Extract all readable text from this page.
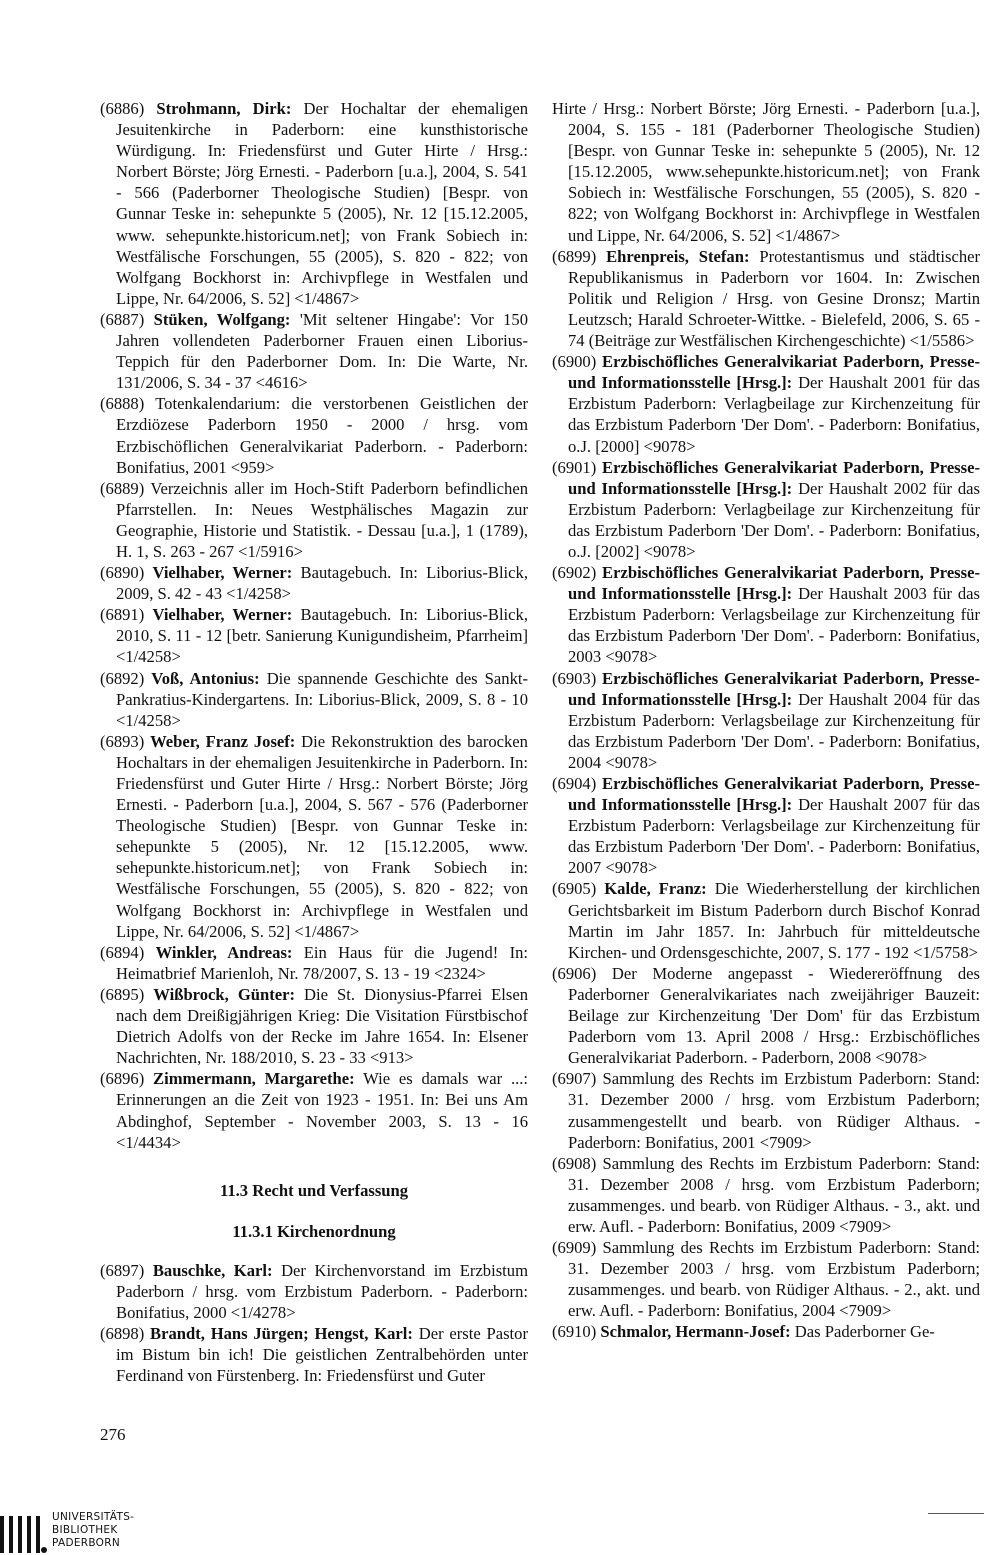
(6886) Strohmann, Dirk: Der Hochaltar der ehemaligen Jesuitenkirche in Paderborn: eine kunsthistorische Würdigung. In: Friedensfürst und Guter Hirte / Hrsg.: Norbert Börste; Jörg Ernesti. - Paderborn [u.a.], 2004, S. 541 - 566 (Paderborner Theologische Studien) [Bespr. von Gunnar Teske in: sehepunkte 5 (2005), Nr. 12 [15.12.2005, www. sehepunkte.historicum.net]; von Frank Sobiech in: Westfälische Forschungen, 55 (2005), S. 820 - 822; von Wolfgang Bockhorst in: Archivpflege in Westfalen und Lippe, Nr. 64/2006, S. 52] <1/4867>

(6887) Stüken, Wolfgang: 'Mit seltener Hingabe': Vor 150 Jahren vollendeten Paderborner Frauen einen Liborius-Teppich für den Paderborner Dom. In: Die Warte, Nr. 131/2006, S. 34 - 37 <4616>

(6888) Totenkalendarium: die verstorbenen Geistlichen der Erzdiözese Paderborn 1950 - 2000 / hrsg. vom Erzbischöflichen Generalvikariat Paderborn. - Paderborn: Bonifatius, 2001 <959>

(6889) Verzeichnis aller im Hoch-Stift Paderborn befindlichen Pfarrstellen. In: Neues Westphälisches Magazin zur Geographie, Historie und Statistik. - Dessau [u.a.], 1 (1789), H. 1, S. 263 - 267 <1/5916>

(6890) Vielhaber, Werner: Bautagebuch. In: Liborius-Blick, 2009, S. 42 - 43 <1/4258>

(6891) Vielhaber, Werner: Bautagebuch. In: Liborius-Blick, 2010, S. 11 - 12 [betr. Sanierung Kunigundisheim, Pfarrheim] <1/4258>

(6892) Voß, Antonius: Die spannende Geschichte des Sankt-Pankratius-Kindergartens. In: Liborius-Blick, 2009, S. 8 - 10 <1/4258>

(6893) Weber, Franz Josef: Die Rekonstruktion des barocken Hochaltars in der ehemaligen Jesuitenkirche in Paderborn. In: Friedensfürst und Guter Hirte / Hrsg.: Norbert Börste; Jörg Ernesti. - Paderborn [u.a.], 2004, S. 567 - 576 (Paderborner Theologische Studien) [Bespr. von Gunnar Teske in: sehepunkte 5 (2005), Nr. 12 [15.12.2005, www. sehepunkte.historicum.net]; von Frank Sobiech in: Westfälische Forschungen, 55 (2005), S. 820 - 822; von Wolfgang Bockhorst in: Archivpflege in Westfalen und Lippe, Nr. 64/2006, S. 52] <1/4867>

(6894) Winkler, Andreas: Ein Haus für die Jugend! In: Heimatbrief Marienloh, Nr. 78/2007, S. 13 - 19 <2324>

(6895) Wißbrock, Günter: Die St. Dionysius-Pfarrei Elsen nach dem Dreißigjährigen Krieg: Die Visitation Fürstbischof Dietrich Adolfs von der Recke im Jahre 1654. In: Elsener Nachrichten, Nr. 188/2010, S. 23 - 33 <913>

(6896) Zimmermann, Margarethe: Wie es damals war ...: Erinnerungen an die Zeit von 1923 - 1951. In: Bei uns Am Abdinghof, September - November 2003, S. 13 - 16 <1/4434>

11.3 Recht und Verfassung

11.3.1 Kirchenordnung

(6897) Bauschke, Karl: Der Kirchenvorstand im Erzbistum Paderborn / hrsg. vom Erzbistum Paderborn. - Paderborn: Bonifatius, 2000 <1/4278>

(6898) Brandt, Hans Jürgen; Hengst, Karl: Der erste Pastor im Bistum bin ich! Die geistlichen Zentralbehörden unter Ferdinand von Fürstenberg. In: Friedensfürst und Guter

Hirte / Hrsg.: Norbert Börste; Jörg Ernesti. - Paderborn [u.a.], 2004, S. 155 - 181 (Paderborner Theologische Studien) [Bespr. von Gunnar Teske in: sehepunkte 5 (2005), Nr. 12 [15.12.2005, www.sehepunkte.historicum.net]; von Frank Sobiech in: Westfälische Forschungen, 55 (2005), S. 820 - 822; von Wolfgang Bockhorst in: Archivpflege in Westfalen und Lippe, Nr. 64/2006, S. 52] <1/4867>

(6899) Ehrenpreis, Stefan: Protestantismus und städtischer Republikanismus in Paderborn vor 1604. In: Zwischen Politik und Religion / Hrsg. von Gesine Dronsz; Martin Leutzsch; Harald Schroeter-Wittke. - Bielefeld, 2006, S. 65 - 74 (Beiträge zur Westfälischen Kirchengeschichte) <1/5586>

(6900) Erzbischöfliches Generalvikariat Paderborn, Presse- und Informationsstelle [Hrsg.]: Der Haushalt 2001 für das Erzbistum Paderborn: Verlagbeilage zur Kirchenzeitung für das Erzbistum Paderborn 'Der Dom'. - Paderborn: Bonifatius, o.J. [2000] <9078>

(6901) Erzbischöfliches Generalvikariat Paderborn, Presse- und Informationsstelle [Hrsg.]: Der Haushalt 2002 für das Erzbistum Paderborn: Verlagbeilage zur Kirchenzeitung für das Erzbistum Paderborn 'Der Dom'. - Paderborn: Bonifatius, o.J. [2002] <9078>

(6902) Erzbischöfliches Generalvikariat Paderborn, Presse- und Informationsstelle [Hrsg.]: Der Haushalt 2003 für das Erzbistum Paderborn: Verlagsbeilage zur Kirchenzeitung für das Erzbistum Paderborn 'Der Dom'. - Paderborn: Bonifatius, 2003 <9078>

(6903) Erzbischöfliches Generalvikariat Paderborn, Presse- und Informationsstelle [Hrsg.]: Der Haushalt 2004 für das Erzbistum Paderborn: Verlagsbeilage zur Kirchenzeitung für das Erzbistum Paderborn 'Der Dom'. - Paderborn: Bonifatius, 2004 <9078>

(6904) Erzbischöfliches Generalvikariat Paderborn, Presse- und Informationsstelle [Hrsg.]: Der Haushalt 2007 für das Erzbistum Paderborn: Verlagsbeilage zur Kirchenzeitung für das Erzbistum Paderborn 'Der Dom'. - Paderborn: Bonifatius, 2007 <9078>

(6905) Kalde, Franz: Die Wiederherstellung der kirchlichen Gerichtsbarkeit im Bistum Paderborn durch Bischof Konrad Martin im Jahr 1857. In: Jahrbuch für mitteldeutsche Kirchen- und Ordensgeschichte, 2007, S. 177 - 192 <1/5758>

(6906) Der Moderne angepasst - Wiedereröffnung des Paderborner Generalvikariates nach zweijähriger Bauzeit: Beilage zur Kirchenzeitung 'Der Dom' für das Erzbistum Paderborn vom 13. April 2008 / Hrsg.: Erzbischöfliches Generalvikariat Paderborn. - Paderborn, 2008 <9078>

(6907) Sammlung des Rechts im Erzbistum Paderborn: Stand: 31. Dezember 2000 / hrsg. vom Erzbistum Paderborn; zusammengestellt und bearb. von Rüdiger Althaus. - Paderborn: Bonifatius, 2001 <7909>

(6908) Sammlung des Rechts im Erzbistum Paderborn: Stand: 31. Dezember 2008 / hrsg. vom Erzbistum Paderborn; zusammenges. und bearb. von Rüdiger Althaus. - 3., akt. und erw. Aufl. - Paderborn: Bonifatius, 2009 <7909>

(6909) Sammlung des Rechts im Erzbistum Paderborn: Stand: 31. Dezember 2003 / hrsg. vom Erzbistum Paderborn; zusammenges. und bearb. von Rüdiger Althaus. - 2., akt. und erw. Aufl. - Paderborn: Bonifatius, 2004 <7909>

(6910) Schmalor, Hermann-Josef: Das Paderborner Ge-

276
UNIVERSITÄTS-
BIBLIOTHEK
PADERBORN
